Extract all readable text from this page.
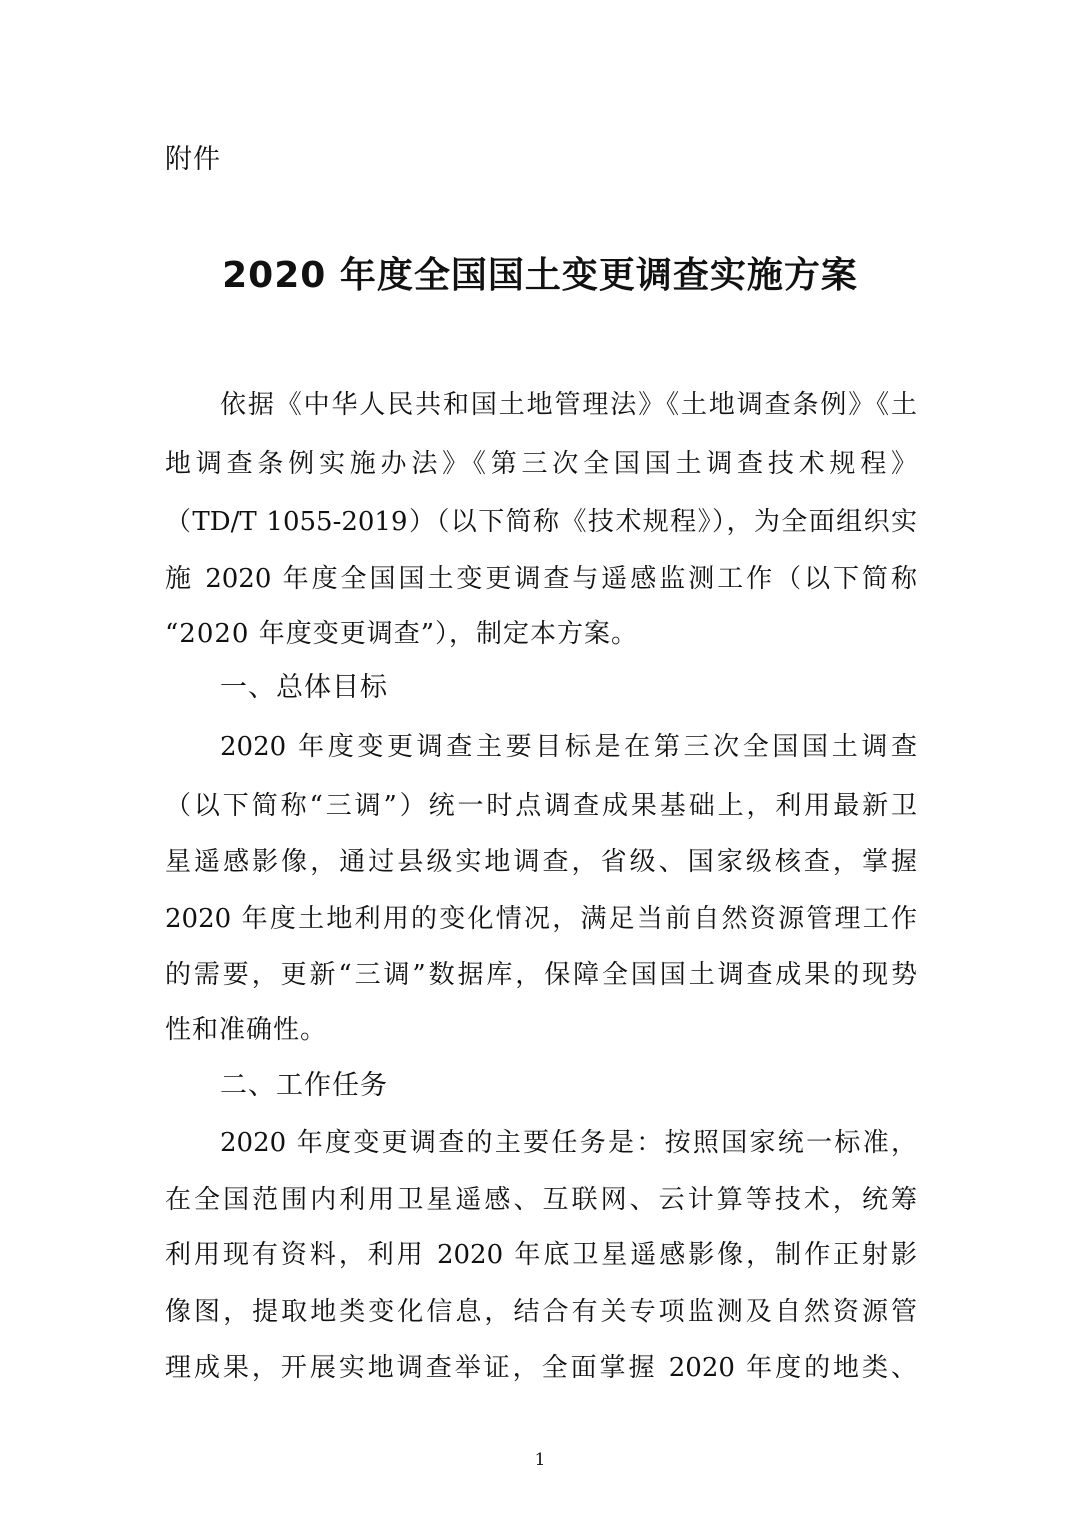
附件
2020 年度全国国土变更调查实施方案
依据《中华人民共和国土地管理法》《土地调查条例》《土
地调查条例实施办法》《第三次全国国土调查技术规程》
（TD/T 1055-2019）（以下简称《技术规程》），为全面组织实
施 2020 年度全国国土变更调查与遥感监测工作（以下简称
“2020 年度变更调查”），制定本方案。
一、总体目标
2020 年度变更调查主要目标是在第三次全国国土调查
（以下简称“三调”）统一时点调查成果基础上，利用最新卫
星遥感影像，通过县级实地调查，省级、国家级核查，掌握
2020 年度土地利用的变化情况，满足当前自然资源管理工作
的需要，更新“三调”数据库，保障全国国土调查成果的现势
性和准确性。
二、工作任务
2020 年度变更调查的主要任务是：按照国家统一标准，
在全国范围内利用卫星遥感、互联网、云计算等技术，统筹
利用现有资料，利用 2020 年底卫星遥感影像，制作正射影
像图，提取地类变化信息，结合有关专项监测及自然资源管
理成果，开展实地调查举证，全面掌握 2020 年度的地类、
1
